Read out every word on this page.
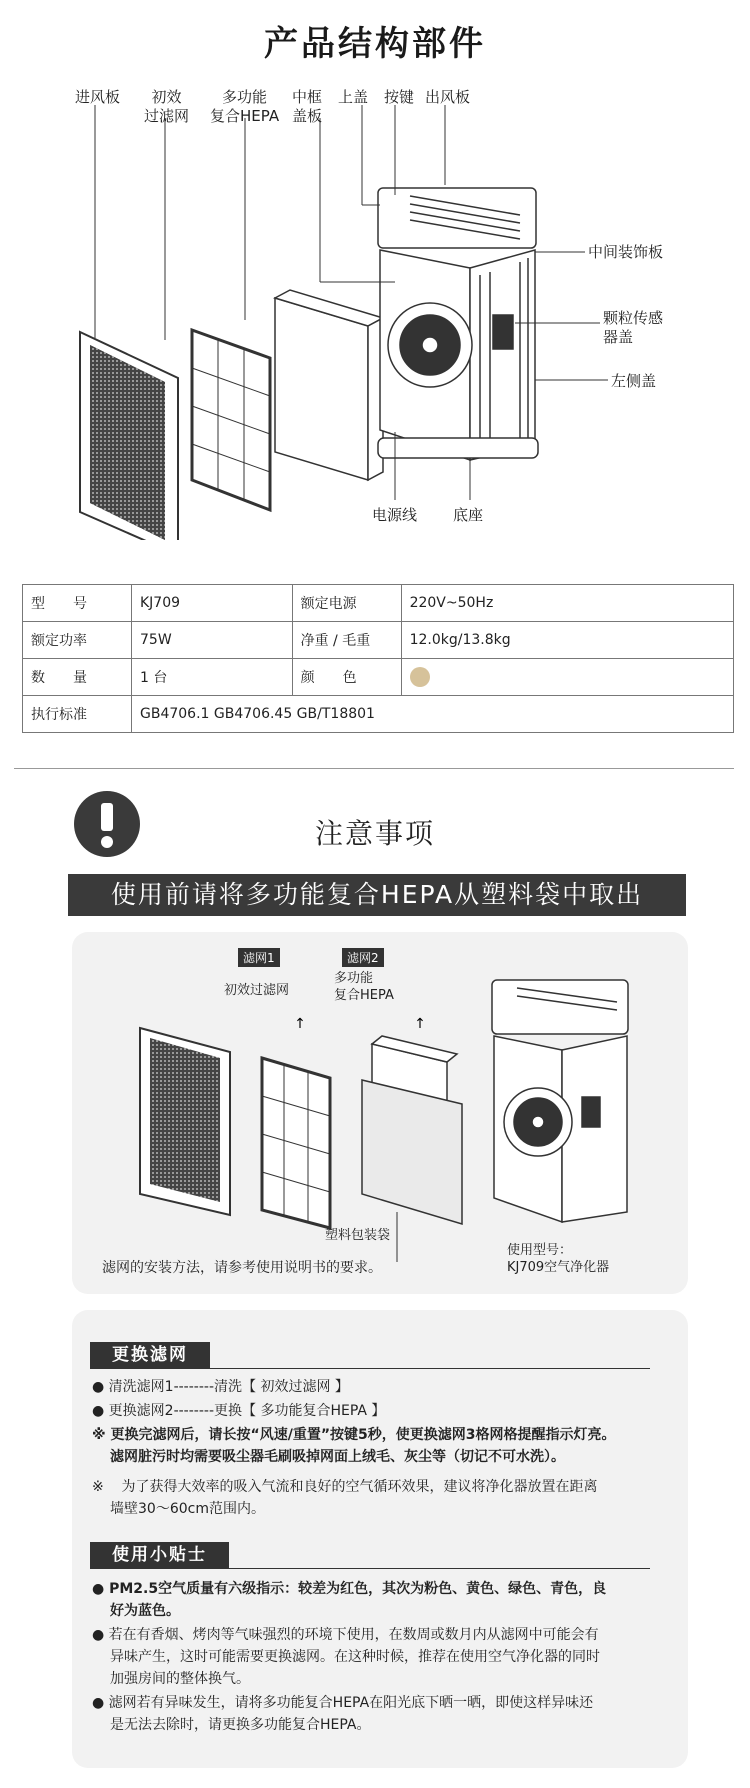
产品结构部件
进风板	初效
过滤网
多功能
复合HEPA
中框
盖板
上盖 按键 出风板
中间装饰板
颗粒传感
器盖
左侧盖
电源线 底座
型　　号	KJ709	额定电源	220V~50Hz
额定功率	75W	净重 / 毛重	12.0kg/13.8kg
数　　量	1 台	颜　　色	
执行标准	GB4706.1 GB4706.45 GB/T18801		
注意事项
使用前请将多功能复合HEPA从塑料袋中取出
↑	↑
滤网1
初效过滤网
滤网2
多功能
复合HEPA
塑料包装袋
滤网的安装方法，请参考使用说明书的要求。
使用型号：
KJ709空气净化器
更换滤网
● 清洗滤网1--------清洗【 初效过滤网 】
● 更换滤网2--------更换【 多功能复合HEPA 】
※ 更换完滤网后，请长按“风速/重置”按键5秒，使更换滤网3格网格提醒指示灯亮。
滤网脏污时均需要吸尘器毛刷吸掉网面上绒毛、灰尘等（切记不可水洗）。
※ 为了获得大效率的吸入气流和良好的空气循环效果，建议将净化器放置在距离
墙壁30～60cm范围内。
使用小贴士
● PM2.5空气质量有六级指示：较差为红色，其次为粉色、黄色、绿色、青色，良
好为蓝色。
● 若在有香烟、烤肉等气味强烈的环境下使用，在数周或数月内从滤网中可能会有
异味产生，这时可能需要更换滤网。在这种时候，推荐在使用空气净化器的同时
加强房间的整体换气。
● 滤网若有异味发生，请将多功能复合HEPA在阳光底下晒一晒，即使这样异味还
是无法去除时，请更换多功能复合HEPA。
